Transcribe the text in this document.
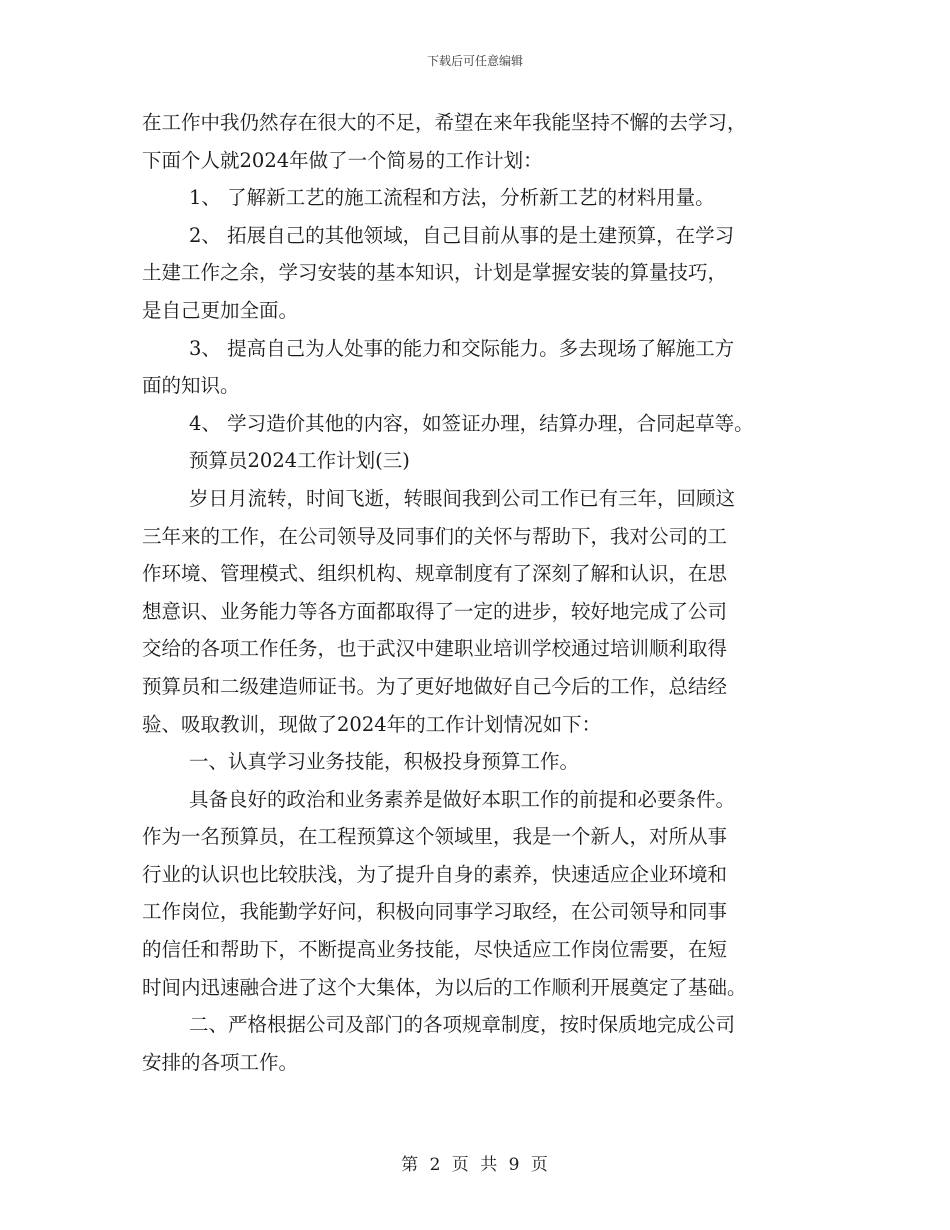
下载后可任意编辑
在工作中我仍然存在很大的不足，希望在来年我能坚持不懈的去学习，
下面个人就2024年做了一个简易的工作计划：
1、 了解新工艺的施工流程和方法，分析新工艺的材料用量。
2、 拓展自己的其他领域，自己目前从事的是土建预算，在学习
土建工作之余，学习安装的基本知识，计划是掌握安装的算量技巧，
是自己更加全面。
3、 提高自己为人处事的能力和交际能力。多去现场了解施工方
面的知识。
4、 学习造价其他的内容，如签证办理，结算办理，合同起草等。
预算员2024工作计划(三)
岁日月流转，时间飞逝，转眼间我到公司工作已有三年，回顾这
三年来的工作，在公司领导及同事们的关怀与帮助下，我对公司的工
作环境、管理模式、组织机构、规章制度有了深刻了解和认识，在思
想意识、业务能力等各方面都取得了一定的进步，较好地完成了公司
交给的各项工作任务，也于武汉中建职业培训学校通过培训顺利取得
预算员和二级建造师证书。为了更好地做好自己今后的工作，总结经
验、吸取教训，现做了2024年的工作计划情况如下：
一、认真学习业务技能，积极投身预算工作。
具备良好的政治和业务素养是做好本职工作的前提和必要条件。
作为一名预算员，在工程预算这个领域里，我是一个新人，对所从事
行业的认识也比较肤浅，为了提升自身的素养，快速适应企业环境和
工作岗位，我能勤学好问，积极向同事学习取经，在公司领导和同事
的信任和帮助下，不断提高业务技能，尽快适应工作岗位需要，在短
时间内迅速融合进了这个大集体，为以后的工作顺利开展奠定了基础。
二、严格根据公司及部门的各项规章制度，按时保质地完成公司
安排的各项工作。
第 2 页 共 9 页
